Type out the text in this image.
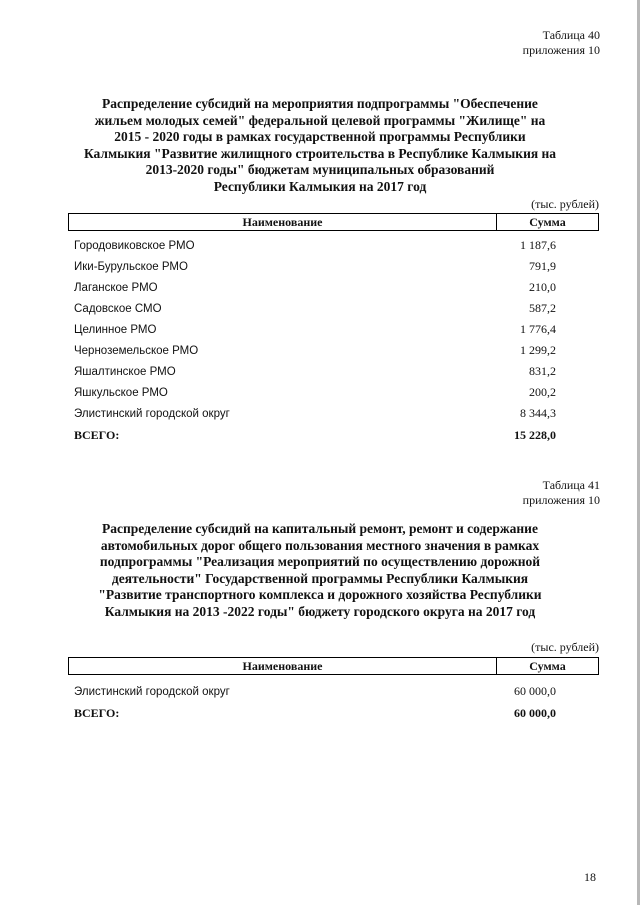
Таблица 40
приложения 10
Распределение субсидий на мероприятия подпрограммы "Обеспечение
жильем молодых семей" федеральной целевой программы "Жилище" на
2015 - 2020 годы в рамках государственной программы Республики
Калмыкия "Развитие жилищного строительства в Республике Калмыкия на
2013-2020 годы" бюджетам муниципальных образований
Республики Калмыкия на 2017 год
(тыс. рублей)
Наименование	Сумма
Городовиковское РМО	1 187,6
Ики-Бурульское РМО	791,9
Лаганское РМО	210,0
Садовское СМО	587,2
Целинное РМО	1 776,4
Черноземельское РМО	1 299,2
Яшалтинское РМО	831,2
Яшкульское РМО	200,2
Элистинский городской округ	8 344,3
ВСЕГО:	15 228,0
Таблица 41
приложения 10
Распределение субсидий на капитальный ремонт, ремонт и содержание
автомобильных дорог общего пользования местного значения в рамках
подпрограммы "Реализация мероприятий по осуществлению дорожной
деятельности" Государственной программы Республики Калмыкия
"Развитие транспортного комплекса и дорожного хозяйства Республики
Калмыкия на 2013 -2022 годы" бюджету городского округа на 2017 год
(тыс. рублей)
Наименование	Сумма
Элистинский городской округ	60 000,0
ВСЕГО:	60 000,0
18
